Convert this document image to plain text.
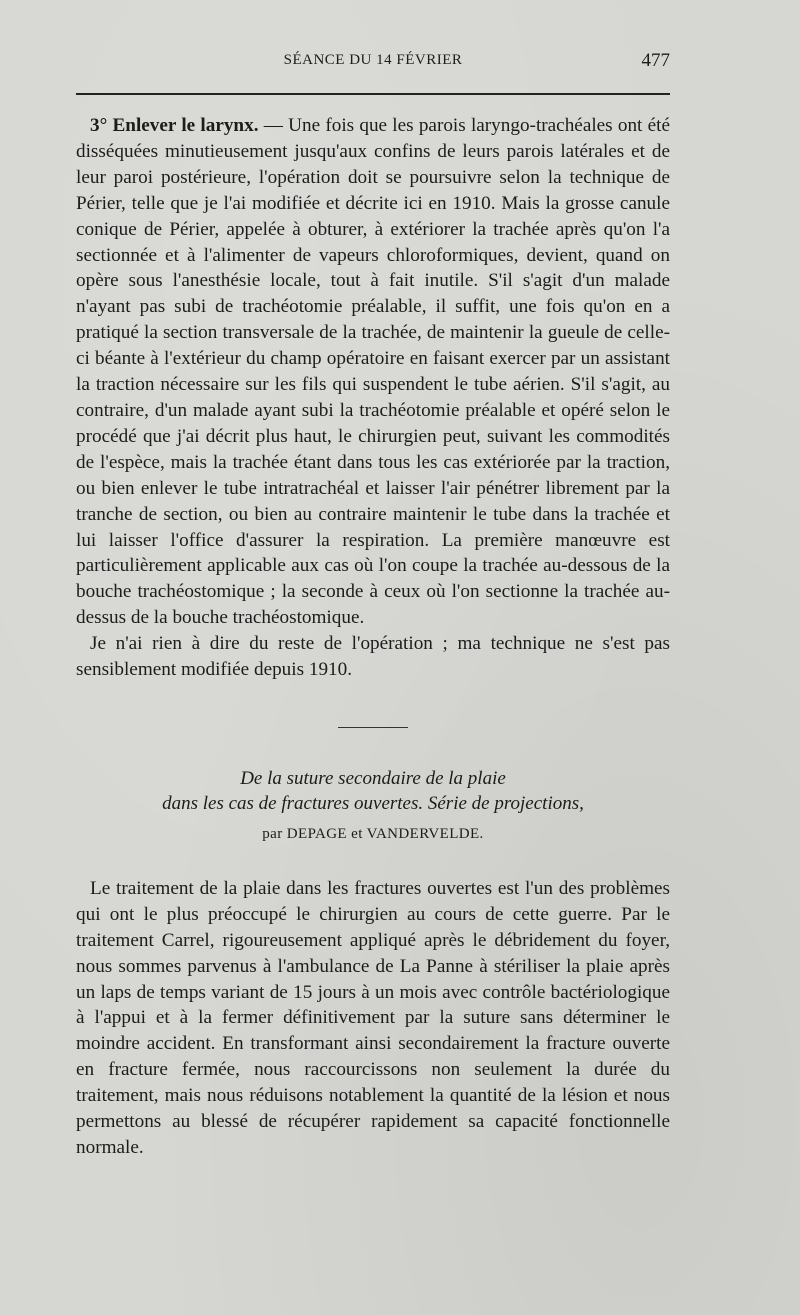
SÉANCE DU 14 FÉVRIER	477

3° Enlever le larynx. — Une fois que les parois laryngo-trachéales ont été disséquées minutieusement jusqu'aux confins de leurs parois latérales et de leur paroi postérieure, l'opération doit se poursuivre selon la technique de Périer, telle que je l'ai modifiée et décrite ici en 1910. Mais la grosse canule conique de Périer, appelée à obturer, à extériorer la trachée après qu'on l'a sectionnée et à l'alimenter de vapeurs chloroformiques, devient, quand on opère sous l'anesthésie locale, tout à fait inutile. S'il s'agit d'un malade n'ayant pas subi de trachéotomie préalable, il suffit, une fois qu'on en a pratiqué la section transversale de la trachée, de maintenir la gueule de celle-ci béante à l'extérieur du champ opératoire en faisant exercer par un assistant la traction nécessaire sur les fils qui suspendent le tube aérien. S'il s'agit, au contraire, d'un malade ayant subi la trachéotomie préalable et opéré selon le procédé que j'ai décrit plus haut, le chirurgien peut, suivant les commodités de l'espèce, mais la trachée étant dans tous les cas extériorée par la traction, ou bien enlever le tube intratrachéal et laisser l'air pénétrer librement par la tranche de section, ou bien au contraire maintenir le tube dans la trachée et lui laisser l'office d'assurer la respiration. La première manœuvre est particulièrement applicable aux cas où l'on coupe la trachée au-dessous de la bouche trachéostomique ; la seconde à ceux où l'on sectionne la trachée au-dessus de la bouche trachéostomique.

Je n'ai rien à dire du reste de l'opération ; ma technique ne s'est pas sensiblement modifiée depuis 1910.

De la suture secondaire de la plaie
dans les cas de fractures ouvertes. Série de projections,
par DEPAGE et VANDERVELDE.

Le traitement de la plaie dans les fractures ouvertes est l'un des problèmes qui ont le plus préoccupé le chirurgien au cours de cette guerre. Par le traitement Carrel, rigoureusement appliqué après le débridement du foyer, nous sommes parvenus à l'ambulance de La Panne à stériliser la plaie après un laps de temps variant de 15 jours à un mois avec contrôle bactériologique à l'appui et à la fermer définitivement par la suture sans déterminer le moindre accident. En transformant ainsi secondairement la fracture ouverte en fracture fermée, nous raccourcissons non seulement la durée du traitement, mais nous réduisons notablement la quantité de la lésion et nous permettons au blessé de récupérer rapidement sa capacité fonctionnelle normale.
